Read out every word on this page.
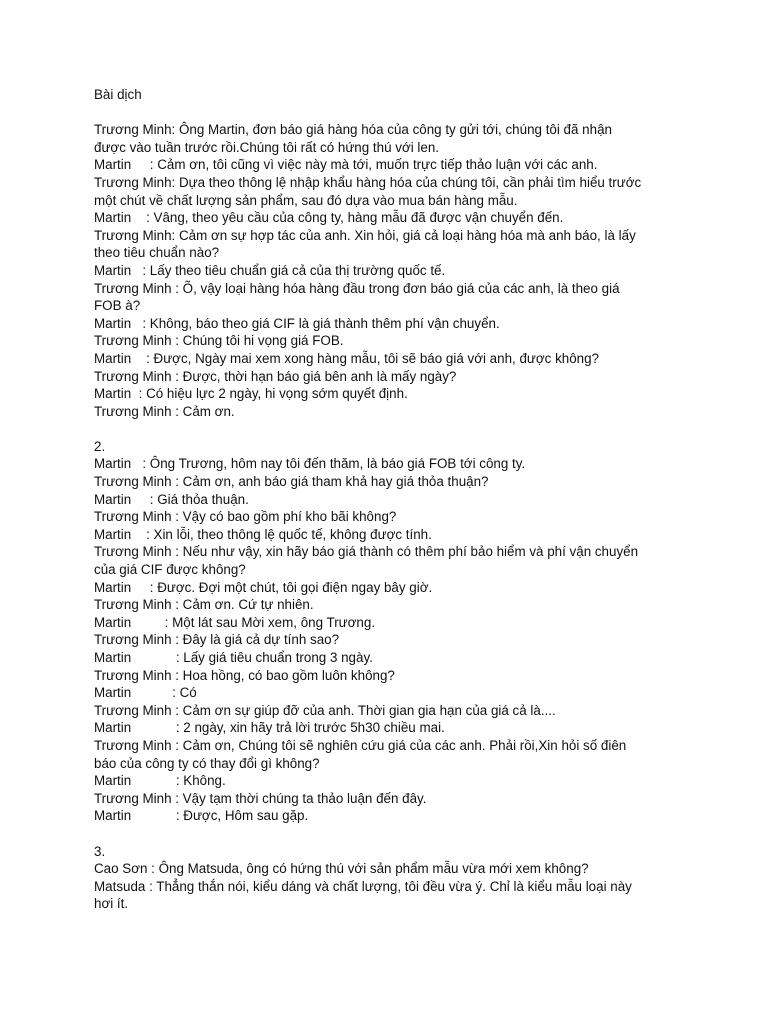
Bài dịch

Trương Minh: Ông Martin, đơn báo giá hàng hóa của công ty gửi tới, chúng tôi đã nhận

được vào tuần trước rồi.Chúng tôi rất có hứng thú với len.

Martin     : Cảm ơn, tôi cũng vì việc này mà tới, muốn trực tiếp thảo luận với các anh.

Trương Minh: Dựa theo thông lệ nhập khẩu hàng hóa của chúng tôi, cần phải tìm hiểu trước

một chút về chất lượng sản phẩm, sau đó dựa vào mua bán hàng mẫu.

Martin    : Vâng, theo yêu cầu của công ty, hàng mẫu đã được vận chuyển đến.

Trương Minh: Cảm ơn sự hợp tác của anh. Xin hỏi, giá cả loại hàng hóa mà anh báo, là lấy

theo tiêu chuẩn nào?

Martin   : Lấy theo tiêu chuẩn giá cả của thị trường quốc tế.

Trương Minh : Õ, vậy loại hàng hóa hàng đầu trong đơn báo giá của các anh, là theo giá

FOB à?

Martin   : Không, báo theo giá CIF là giá thành thêm phí vận chuyển.

Trương Minh : Chúng tôi hi vọng giá FOB.

Martin    : Được, Ngày mai xem xong hàng mẫu, tôi sẽ báo giá với anh, được không?

Trương Minh : Được, thời hạn báo giá bên anh là mấy ngày?

Martin  : Có hiệu lực 2 ngày, hi vọng sớm quyết định.

Trương Minh : Cảm ơn.

2.

Martin   : Ông Trương, hôm nay tôi đến thăm, là báo giá FOB tới công ty.

Trương Minh : Cảm ơn, anh báo giá tham khả hay giá thỏa thuận?

Martin     : Giá thỏa thuận.

Trương Minh : Vậy có bao gồm phí kho bãi không?

Martin    : Xin lỗi, theo thông lệ quốc tế, không được tính.

Trương Minh : Nếu như vậy, xin hãy báo giá thành có thêm phí bảo hiểm và phí vận chuyển

của giá CIF được không?

Martin     : Được. Đợi một chút, tôi gọi điện ngay bây giờ.

Trương Minh : Cảm ơn. Cứ tự nhiên.

Martin         : Một lát sau Mời xem, ông Trương.

Trương Minh : Đây là giá cả dự tính sao?

Martin            : Lấy giá tiêu chuẩn trong 3 ngày.

Trương Minh : Hoa hồng, có bao gồm luôn không?

Martin           : Có

Trương Minh : Cảm ơn sự giúp đỡ của anh. Thời gian gia hạn của giá cả là....

Martin            : 2 ngày, xin hãy trả lời trước 5h30 chiều mai.

Trương Minh : Cảm ơn, Chúng tôi sẽ nghiên cứu giá của các anh. Phải rồi,Xin hỏi số điên

báo của công ty có thay đổi gì không?

Martin            : Không.

Trương Minh : Vậy tạm thời chúng ta thảo luận đến đây.

Martin            : Được, Hôm sau gặp.

3.

Cao Sơn : Ông Matsuda, ông có hứng thú với sản phẩm mẫu vừa mới xem không?

Matsuda : Thẳng thắn nói, kiểu dáng và chất lượng, tôi đều vừa ý. Chỉ là kiểu mẫu loại này

hơi ít.
